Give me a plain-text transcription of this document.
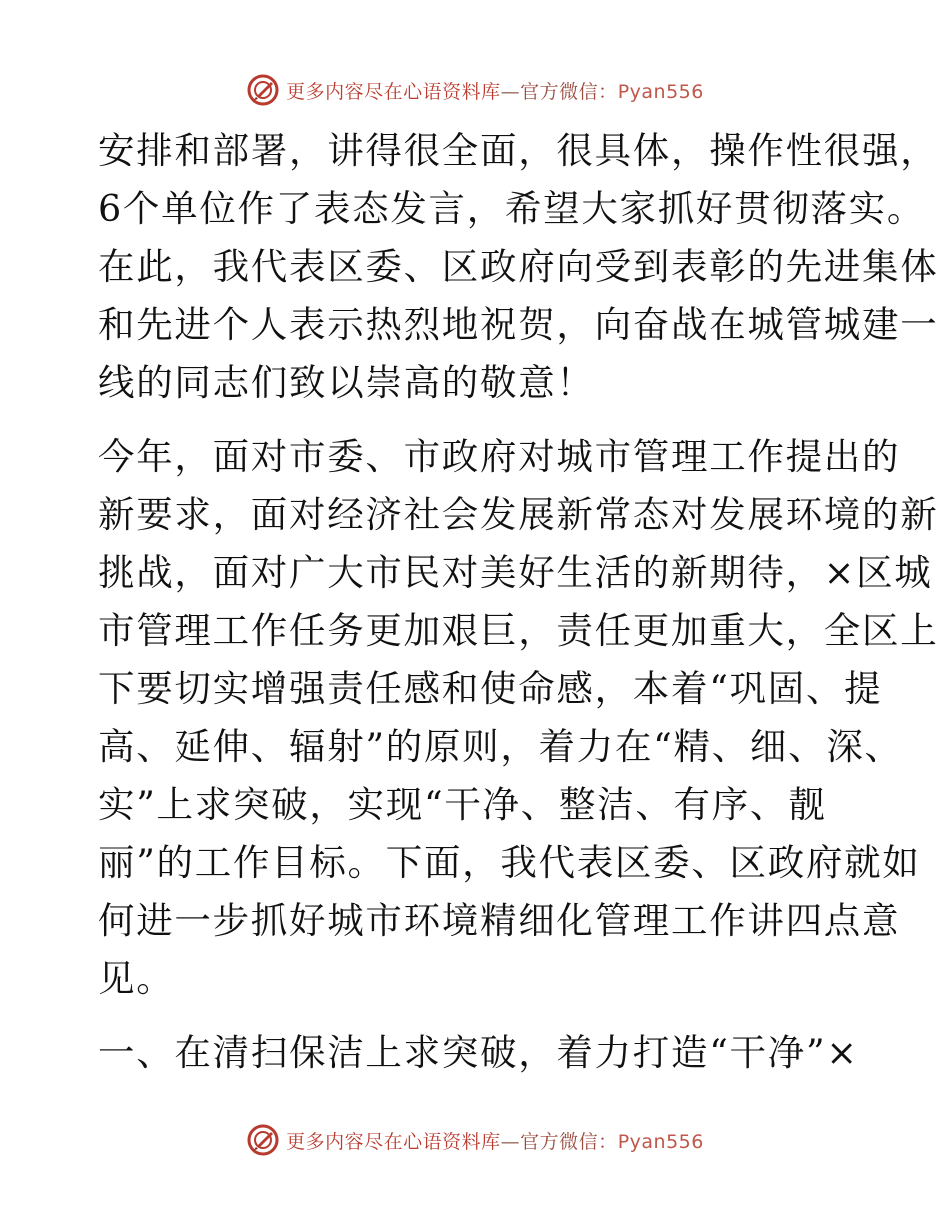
更多内容尽在心语资料库—官方微信：Pyan556
安排和部署，讲得很全面，很具体，操作性很强，
6个单位作了表态发言，希望大家抓好贯彻落实。
在此，我代表区委、区政府向受到表彰的先进集体
和先进个人表示热烈地祝贺，向奋战在城管城建一
线的同志们致以崇高的敬意！
今年，面对市委、市政府对城市管理工作提出的
新要求，面对经济社会发展新常态对发展环境的新
挑战，面对广大市民对美好生活的新期待，×区城
市管理工作任务更加艰巨，责任更加重大，全区上
下要切实增强责任感和使命感，本着“巩固、提
高、延伸、辐射”的原则，着力在“精、细、深、
实”上求突破，实现“干净、整洁、有序、靓
丽”的工作目标。下面，我代表区委、区政府就如
何进一步抓好城市环境精细化管理工作讲四点意
见。
一、在清扫保洁上求突破，着力打造“干净”×
更多内容尽在心语资料库—官方微信：Pyan556
